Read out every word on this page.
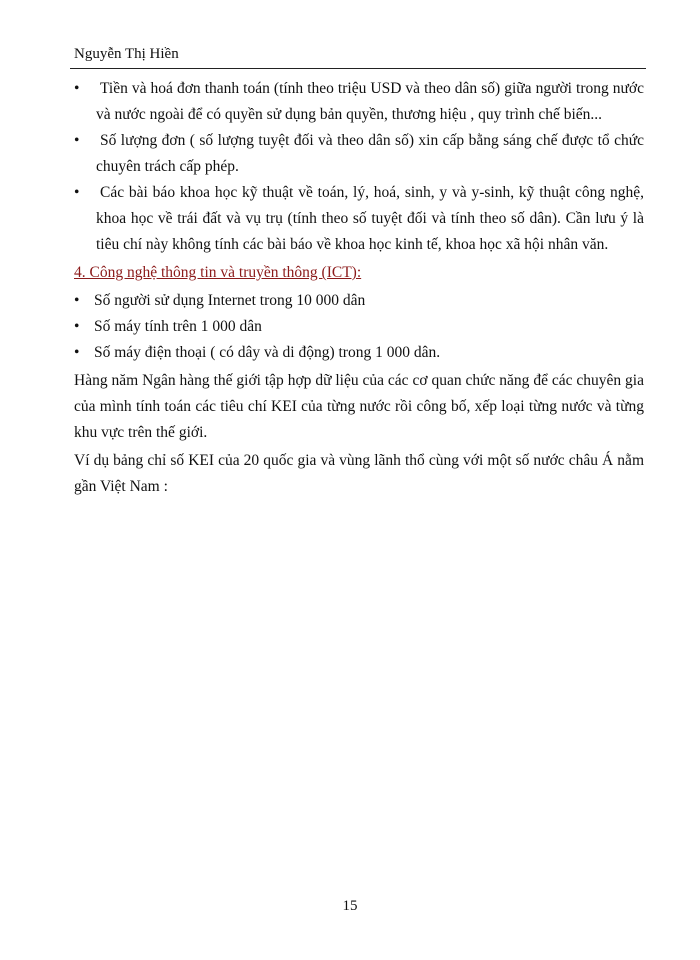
Nguyễn Thị Hiền

•	Tiền và hoá đơn thanh toán (tính theo triệu USD và theo dân số) giữa người trong nước và nước ngoài để có quyền sử dụng bản quyền, thương hiệu , quy trình chế biến...

•	Số lượng đơn ( số lượng tuyệt đối và theo dân số) xin cấp bằng sáng chế được tổ chức chuyên trách cấp phép.

•	Các bài báo khoa học kỹ thuật về toán, lý, hoá, sinh, y và y-sinh, kỹ thuật công nghệ, khoa học về trái đất và vụ trụ (tính theo số tuyệt đối và tính theo số dân). Cần lưu ý là tiêu chí này không tính các bài báo về khoa học kinh tế, khoa học xã hội nhân văn.

4. Công nghệ thông tin và truyền thông (ICT):

• Số người sử dụng Internet trong 10 000 dân

• Số máy tính trên 1 000 dân

• Số máy điện thoại ( có dây và di động) trong 1 000 dân.

Hàng năm Ngân hàng thế giới tập hợp dữ liệu của các cơ quan chức năng để các chuyên gia của mình tính toán các tiêu chí KEI của từng nước rồi công bố, xếp loại từng nước và từng khu vực trên thế giới.

Ví dụ bảng chỉ số KEI của 20 quốc gia và vùng lãnh thổ cùng với một số nước châu Á nằm gần Việt Nam :

15
